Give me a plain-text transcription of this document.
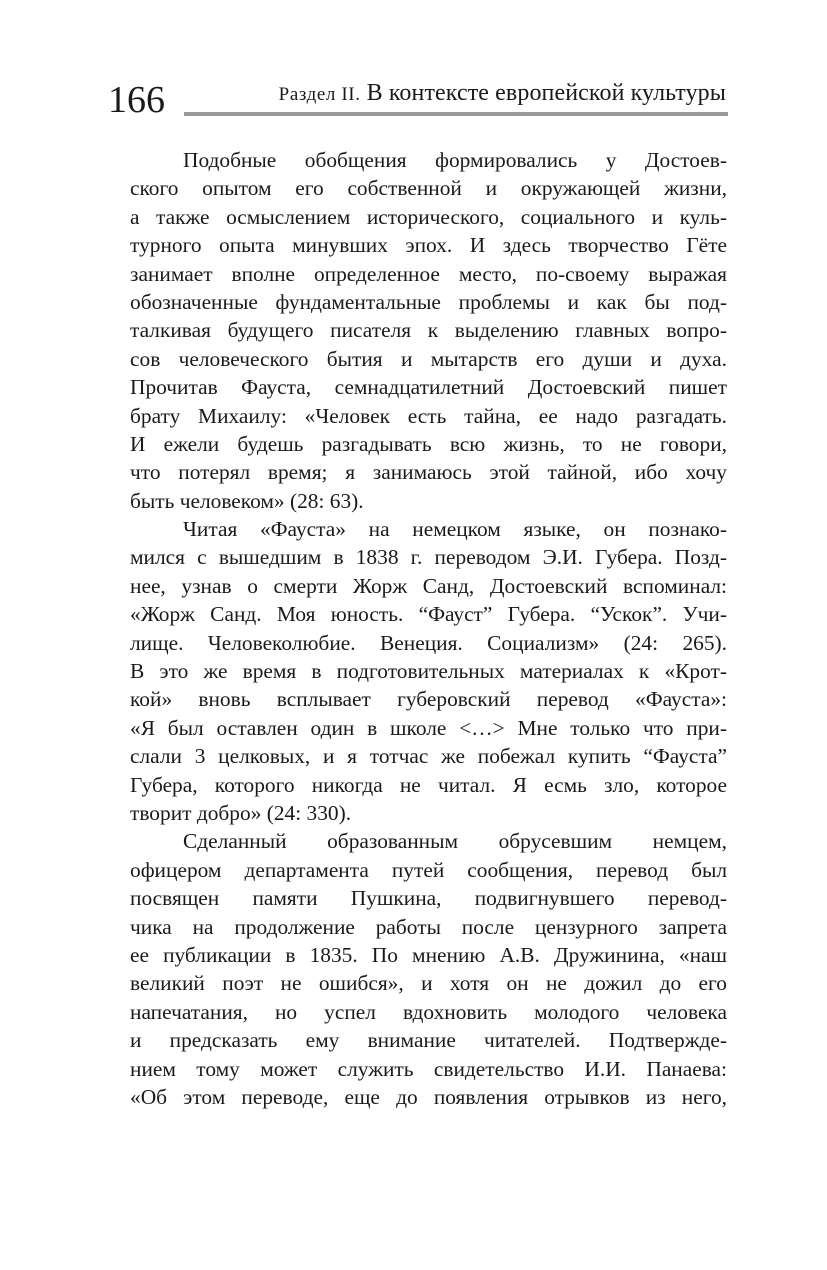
166	Раздел II. В контексте европейской культуры
Подобные обобщения формировались у Достоев-
ского опытом его собственной и окружающей жизни,
а также осмыслением исторического, социального и куль-
турного опыта минувших эпох. И здесь творчество Гёте
занимает вполне определенное место, по-своему выражая
обозначенные фундаментальные проблемы и как бы под-
талкивая будущего писателя к выделению главных вопро-
сов человеческого бытия и мытарств его души и духа.
Прочитав Фауста, семнадцатилетний Достоевский пишет
брату Михаилу: «Человек есть тайна, ее надо разгадать.
И ежели будешь разгадывать всю жизнь, то не говори,
что потерял время; я занимаюсь этой тайной, ибо хочу
быть человеком» (28: 63).
Читая «Фауста» на немецком языке, он познако-
мился с вышедшим в 1838 г. переводом Э.И. Губера. Позд-
нее, узнав о смерти Жорж Санд, Достоевский вспоминал:
«Жорж Санд. Моя юность. “Фауст” Губера. “Ускок”. Учи-
лище. Человеколюбие. Венеция. Социализм» (24: 265).
В это же время в подготовительных материалах к «Крот-
кой» вновь всплывает губеровский перевод «Фауста»:
«Я был оставлен один в школе <…> Мне только что при-
слали 3 целковых, и я тотчас же побежал купить “Фауста”
Губера, которого никогда не читал. Я есмь зло, которое
творит добро» (24: 330).
Сделанный образованным обрусевшим немцем,
офицером департамента путей сообщения, перевод был
посвящен памяти Пушкина, подвигнувшего перевод-
чика на продолжение работы после цензурного запрета
ее публикации в 1835. По мнению А.В. Дружинина, «наш
великий поэт не ошибся», и хотя он не дожил до его
напечатания, но успел вдохновить молодого человека
и предсказать ему внимание читателей. Подтвержде-
нием тому может служить свидетельство И.И. Панаева:
«Об этом переводе, еще до появления отрывков из него,
